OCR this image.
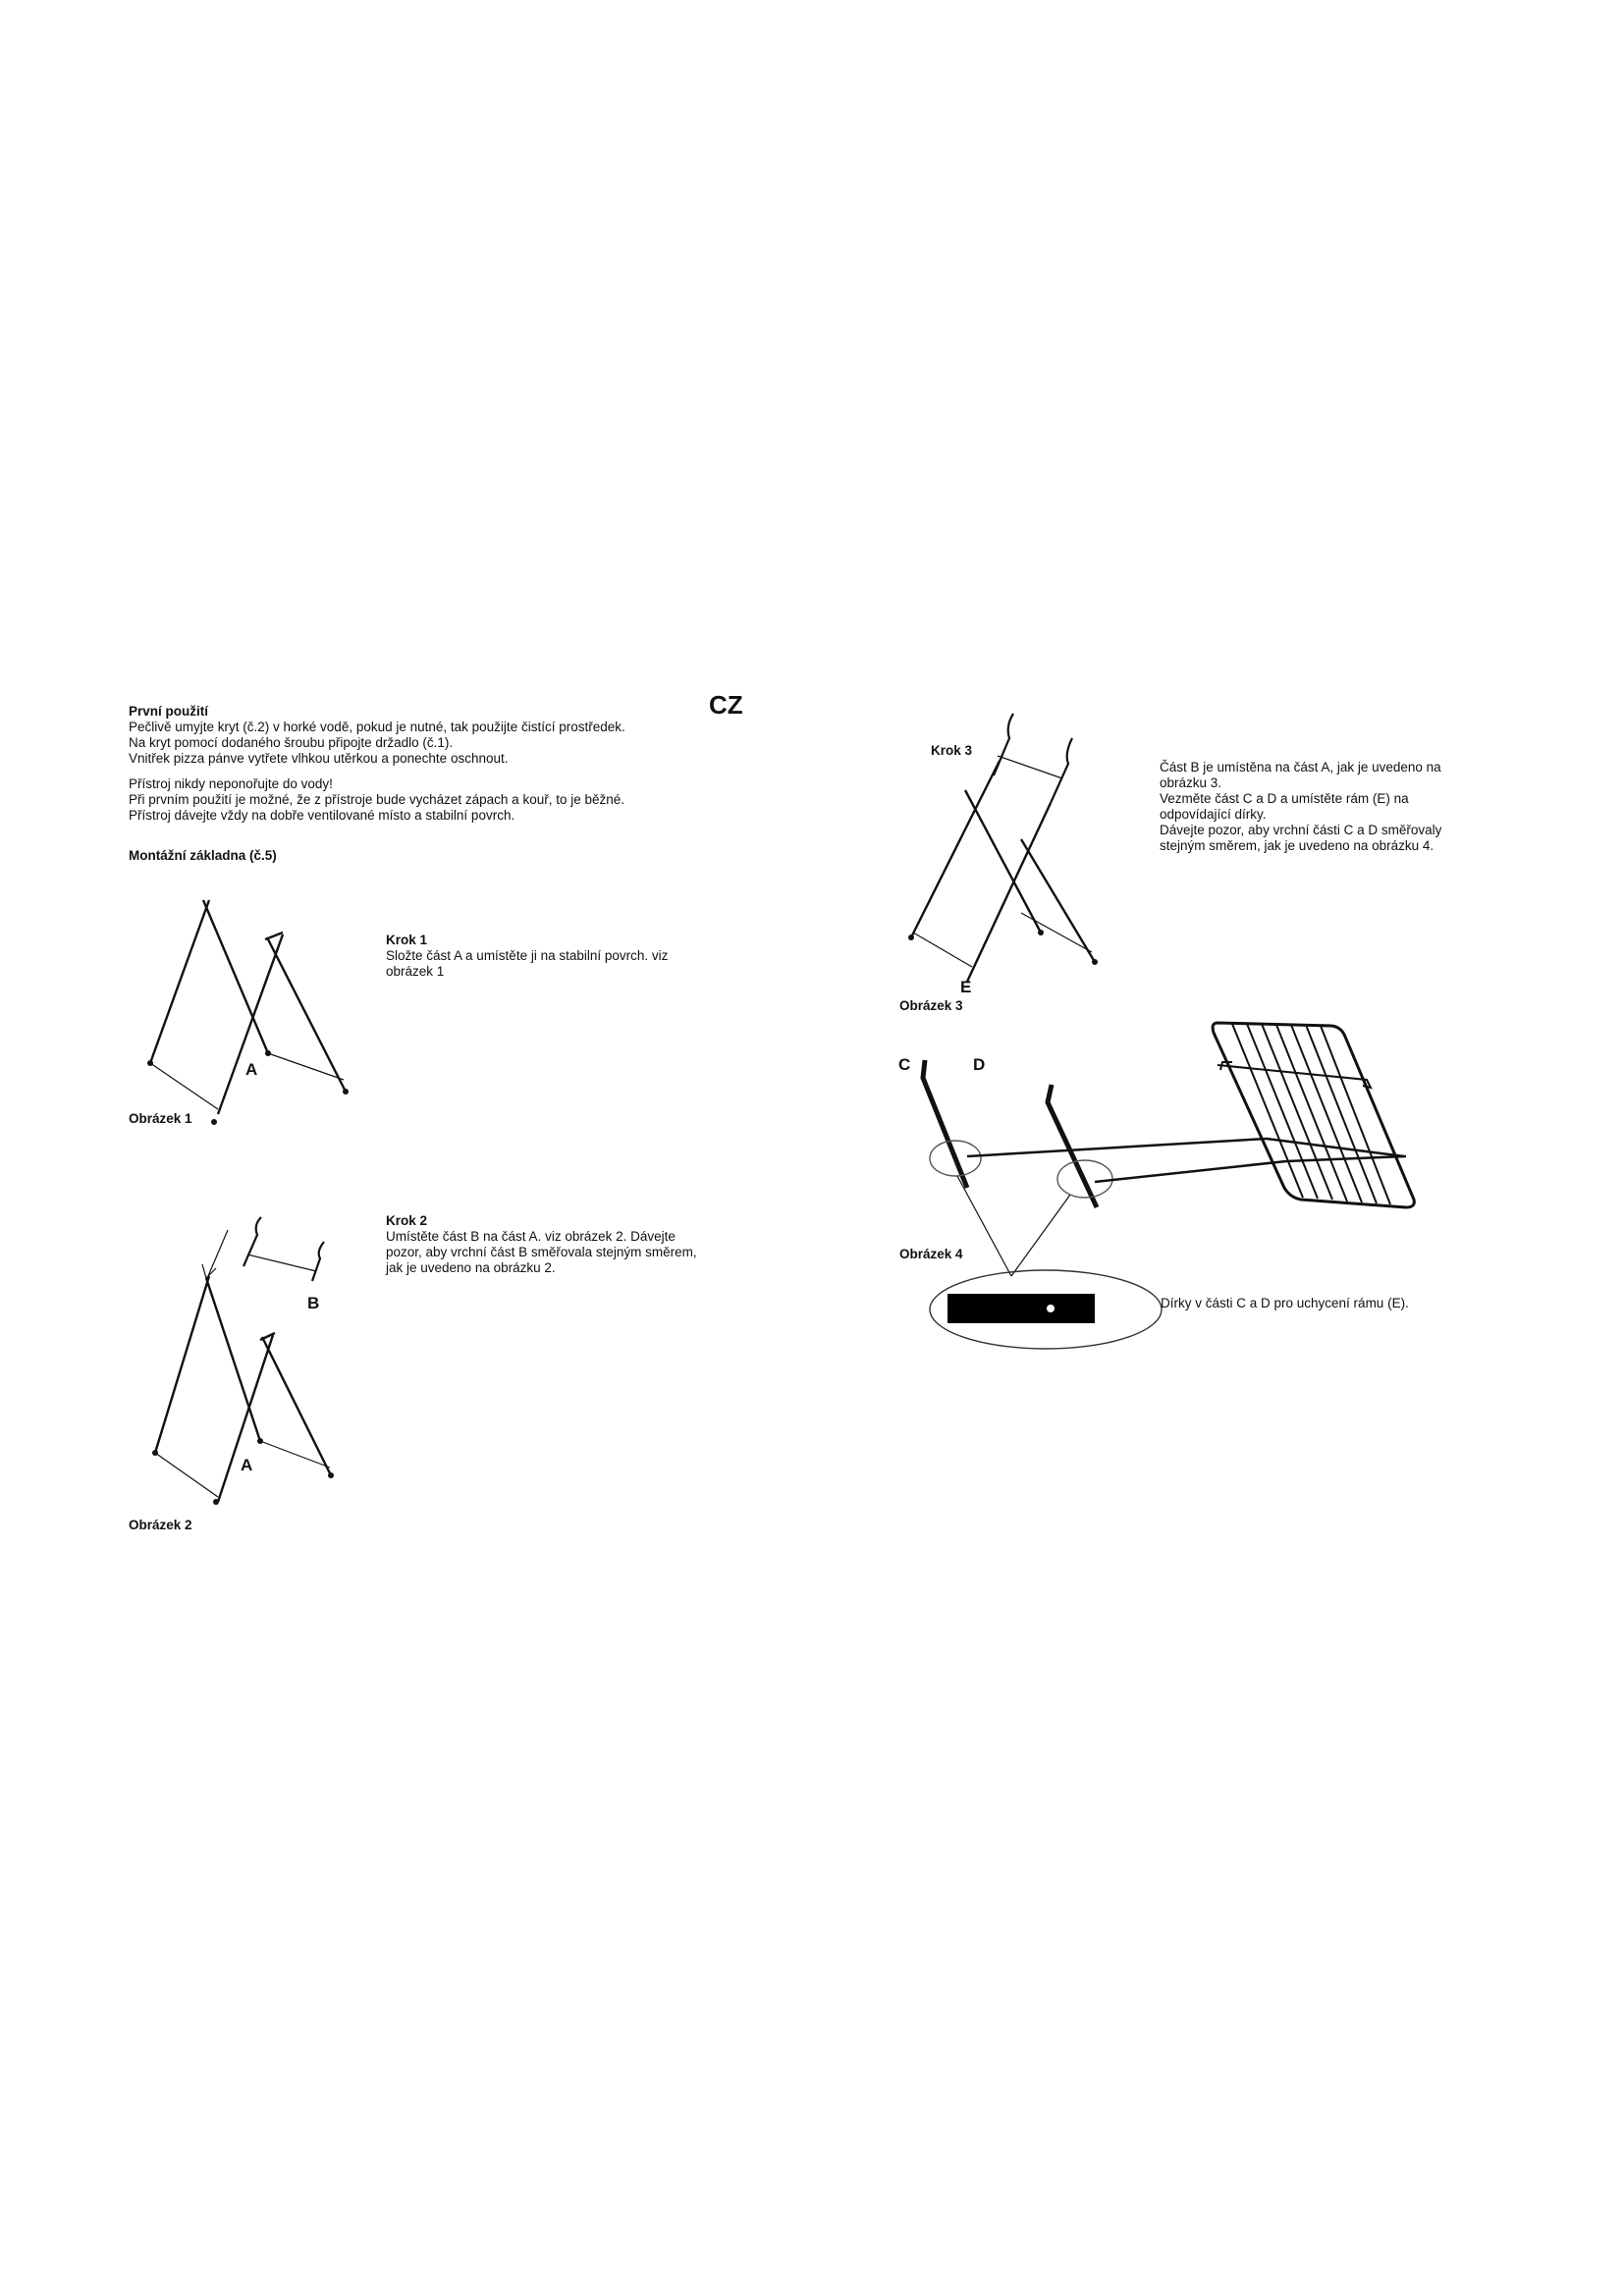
CZ
První použití
Pečlivě umyjte kryt (č.2) v horké vodě, pokud je nutné, tak použijte čistící prostředek.
Na kryt pomocí dodaného šroubu připojte držadlo (č.1).
Vnitřek pizza pánve vytřete vlhkou utěrkou a ponechte oschnout.
Přístroj nikdy neponořujte do vody!
Při prvním použití je možné, že z přístroje bude vycházet zápach a kouř, to je běžné.
Přístroj dávejte vždy na dobře ventilované místo a stabilní povrch.
Montážní základna (č.5)
Krok 1
Složte část A a umístěte ji na stabilní povrch. viz
obrázek 1
A
Obrázek 1
Krok 2
Umístěte část B na část A. viz obrázek 2. Dávejte
pozor, aby vrchní část B směřovala stejným směrem,
jak je uvedeno na obrázku 2.
B
A
Obrázek 2
Krok 3
Část B je umístěna na část A, jak je uvedeno na
obrázku 3.
Vezměte část C a D a umístěte rám (E) na
odpovídající dírky.
Dávejte pozor, aby vrchní části C a D směřovaly
stejným směrem, jak je uvedeno na obrázku 4.
E
Obrázek 3
C	D
Obrázek 4
Dírky v části C a D pro uchycení rámu (E).
